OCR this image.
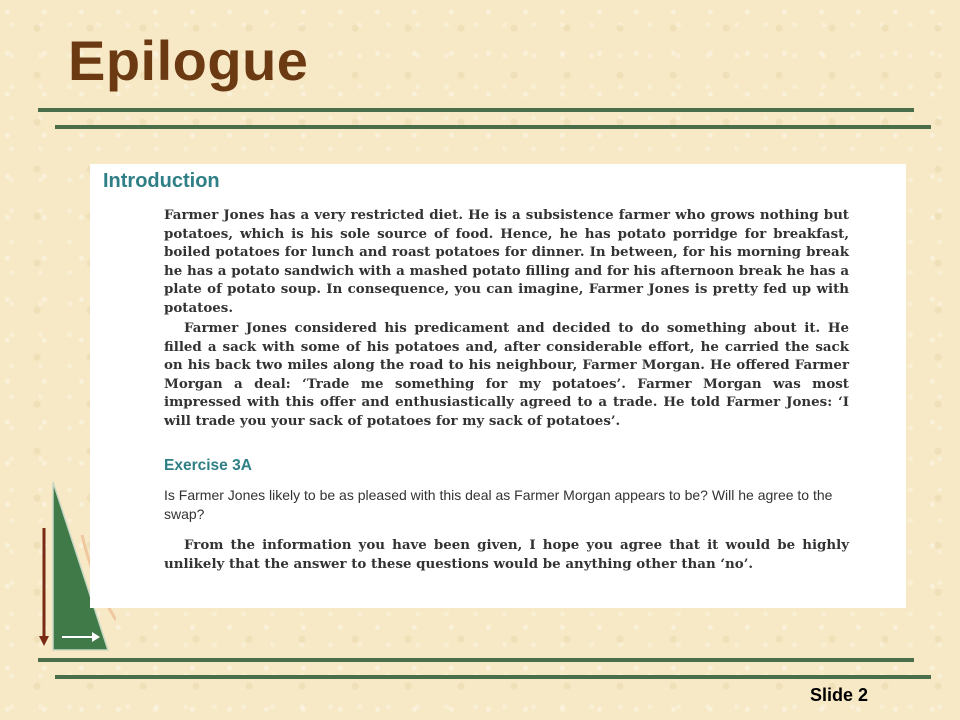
Epilogue
Introduction

Farmer Jones has a very restricted diet. He is a subsistence farmer who grows nothing but potatoes, which is his sole source of food. Hence, he has potato porridge for breakfast, boiled potatoes for lunch and roast potatoes for dinner. In between, for his morning break he has a potato sandwich with a mashed potato filling and for his afternoon break he has a plate of potato soup. In consequence, you can imagine, Farmer Jones is pretty fed up with potatoes.

Farmer Jones considered his predicament and decided to do something about it. He filled a sack with some of his potatoes and, after considerable effort, he carried the sack on his back two miles along the road to his neighbour, Farmer Morgan. He offered Farmer Morgan a deal: ‘Trade me something for my potatoes’. Farmer Morgan was most impressed with this offer and enthusiastically agreed to a trade. He told Farmer Jones: ‘I will trade you your sack of potatoes for my sack of potatoes’.

Exercise 3A

Is Farmer Jones likely to be as pleased with this deal as Farmer Morgan appears to be? Will he agree to the swap?

From the information you have been given, I hope you agree that it would be highly unlikely that the answer to these questions would be anything other than ‘no’.

Slide 2
